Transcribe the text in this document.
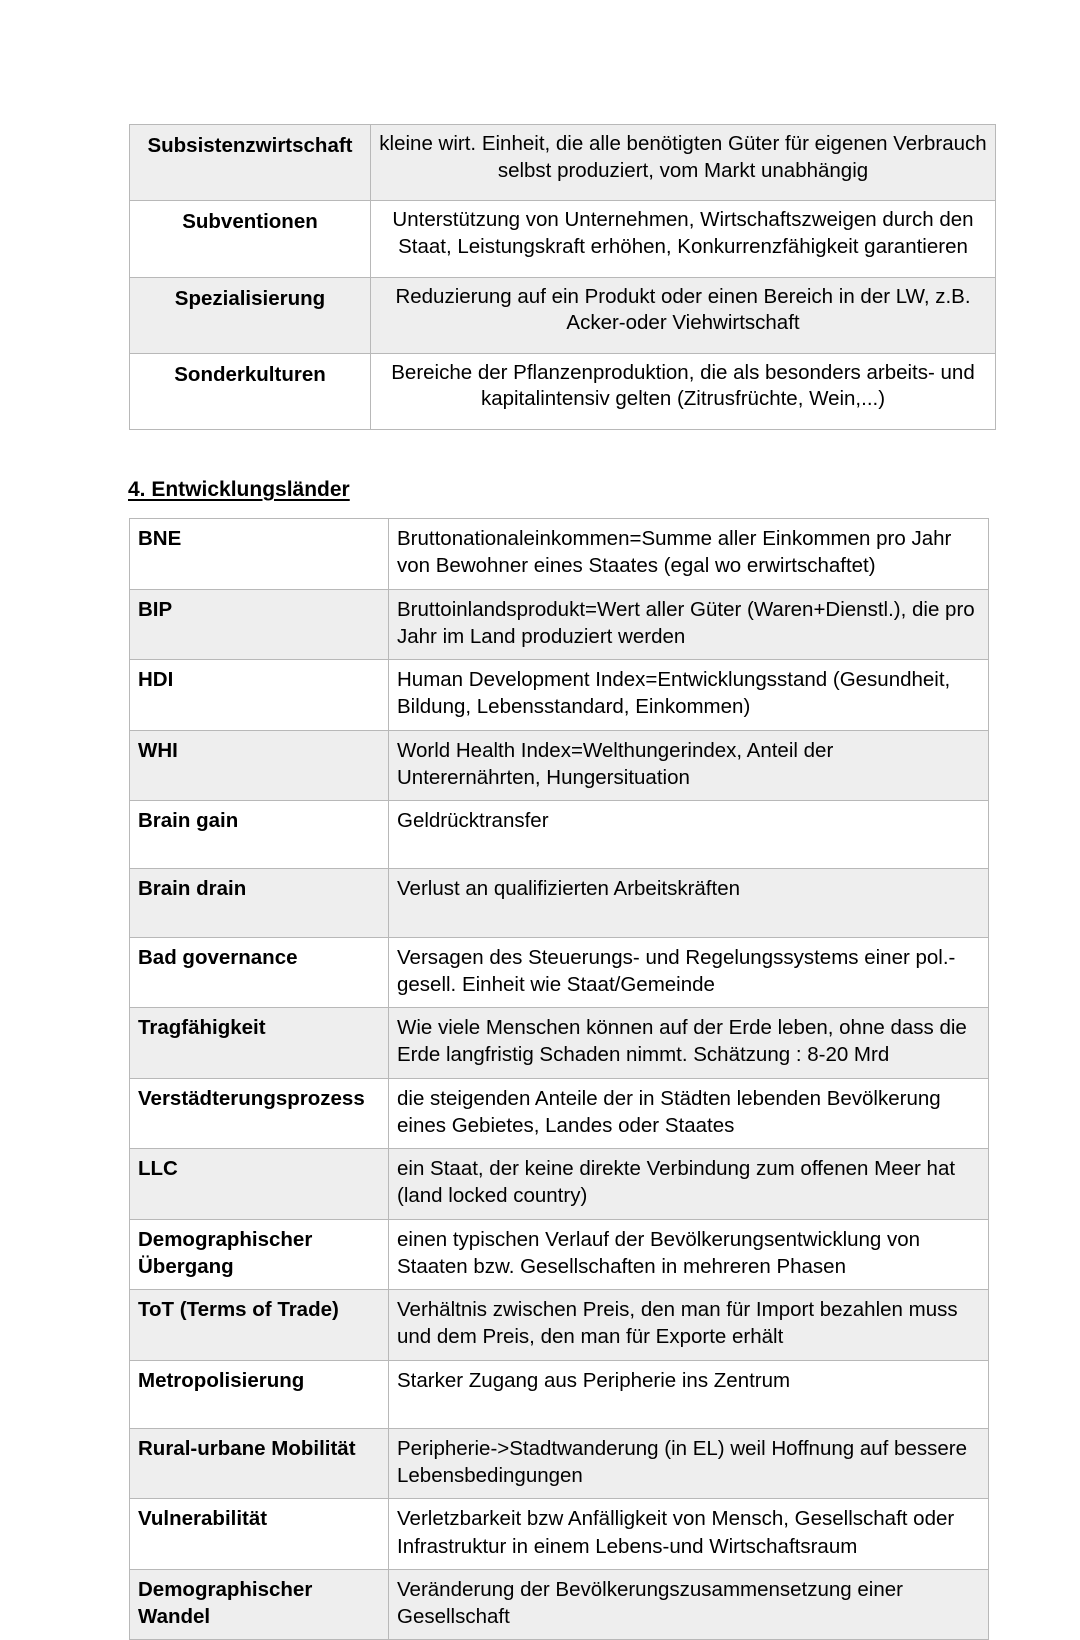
Subsistenzwirtschaft	kleine wirt. Einheit, die alle benötigten Güter für eigenen Verbrauch selbst produziert, vom Markt unabhängig
Subventionen	Unterstützung von Unternehmen, Wirtschaftszweigen durch den Staat, Leistungskraft erhöhen, Konkurrenzfähigkeit garantieren
Spezialisierung	Reduzierung auf ein Produkt oder einen Bereich in der LW, z.B. Acker-oder Viehwirtschaft
Sonderkulturen	Bereiche der Pflanzenproduktion, die als besonders arbeits- und kapitalintensiv gelten (Zitrusfrüchte, Wein,...)
4. Entwicklungsländer
BNE	Bruttonationaleinkommen=Summe aller Einkommen pro Jahr von Bewohner eines Staates (egal wo erwirtschaftet)
BIP	Bruttoinlandsprodukt=Wert aller Güter (Waren+Dienstl.), die pro Jahr im Land produziert werden
HDI	Human Development Index=Entwicklungsstand (Gesundheit, Bildung, Lebensstandard, Einkommen)
WHI	World Health Index=Welthungerindex, Anteil der Unterernährten, Hungersituation
Brain gain	Geldrücktransfer
Brain drain	Verlust an qualifizierten Arbeitskräften
Bad governance	Versagen des Steuerungs- und Regelungssystems einer pol.-gesell. Einheit wie Staat/Gemeinde
Tragfähigkeit	Wie viele Menschen können auf der Erde leben, ohne dass die Erde langfristig Schaden nimmt. Schätzung : 8-20 Mrd
Verstädterungsprozess	die steigenden Anteile der in Städten lebenden Bevölkerung eines Gebietes, Landes oder Staates
LLC	ein Staat, der keine direkte Verbindung zum offenen Meer hat (land locked country)
Demographischer Übergang	einen typischen Verlauf der Bevölkerungsentwicklung von Staaten bzw. Gesellschaften in mehreren Phasen
ToT (Terms of Trade)	Verhältnis zwischen Preis, den man für Import bezahlen muss und dem Preis, den man für Exporte erhält
Metropolisierung	Starker Zugang aus Peripherie ins Zentrum
Rural-urbane Mobilität	Peripherie->Stadtwanderung (in EL) weil Hoffnung auf bessere Lebensbedingungen
Vulnerabilität	Verletzbarkeit bzw Anfälligkeit von Mensch, Gesellschaft oder Infrastruktur in einem Lebens-und Wirtschaftsraum
Demographischer Wandel	Veränderung der Bevölkerungszusammensetzung einer Gesellschaft
